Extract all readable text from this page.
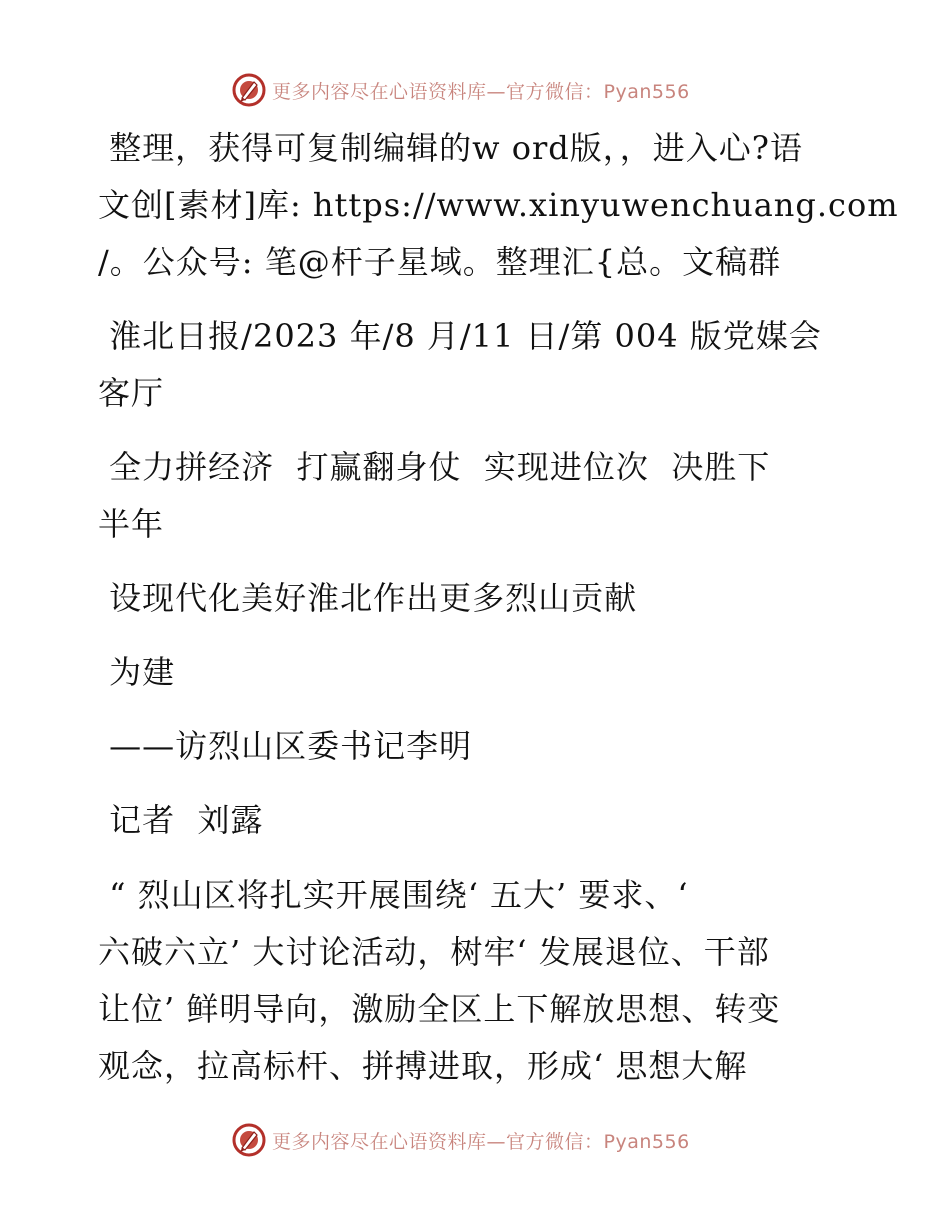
更多内容尽在心语资料库—官方微信：Pyan556
整理，获得可复制编辑的w ord版，，进入心?语
文创[素材]库: https://www.xinyuwenchuang.com
/。公众号: 笔@杆子星域。整理汇{总。文稿群
淮北日报/2023 年/8 月/11 日/第 004 版党媒会
客厅
全力拼经济  打赢翻身仗  实现进位次  决胜下
半年
设现代化美好淮北作出更多烈山贡献
为建
——访烈山区委书记李明
记者  刘露
“ 烈山区将扎实开展围绕‘ 五大’ 要求、‘
六破六立’ 大讨论活动，树牢‘ 发展退位、干部
让位’ 鲜明导向，激励全区上下解放思想、转变
观念，拉高标杆、拼搏进取，形成‘ 思想大解
更多内容尽在心语资料库—官方微信：Pyan556
